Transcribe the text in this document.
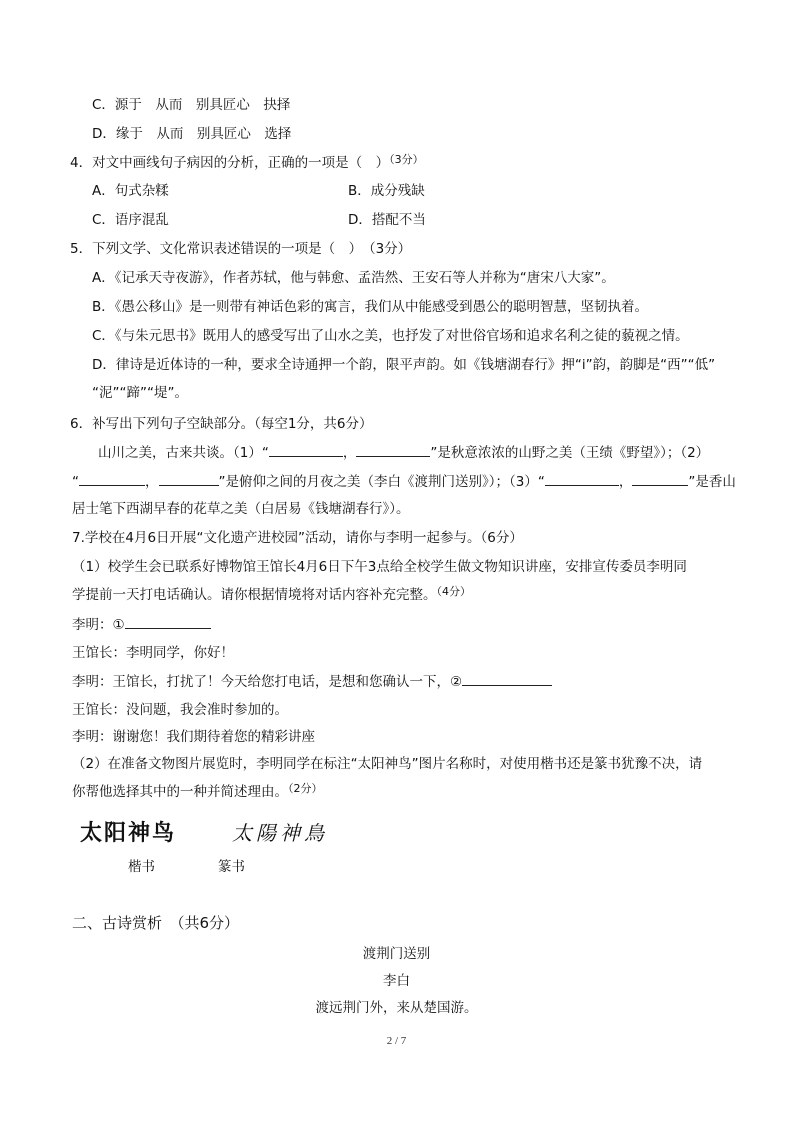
C．源于　从而　别具匠心　抉择
D．缘于　从而　别具匠心　选择
4．对文中画线句子病因的分析，正确的一项是（　）$^{(3分)}$
A．句式杂糅	B．成分残缺
C．语序混乱	D．搭配不当
5．下列文学、文化常识表述错误的一项是（　）　（3分）
A．《记承天寺夜游》，作者苏轼，他与韩愈、孟浩然、王安石等人并称为“唐宋八大家”。
B．《愚公移山》是一则带有神话色彩的寓言，我们从中能感受到愚公的聪明智慧，坚韧执着。
C．《与朱元思书》既用人的感受写出了山水之美，也抒发了对世俗官场和追求名利之徒的藐视之情。
D．律诗是近体诗的一种，要求全诗通押一个韵，限平声韵。如《钱塘湖春行》押“i”韵，韵脚是“西”“低”
“泥”“蹄”“堤”。
6．补写出下列句子空缺部分。（每空1分，共6分）
山川之美，古来共谈。（1）“	，	”是秋意浓浓的山野之美（王绩《野望》）；（2）
“	，	”是俯仰之间的月夜之美（李白《渡荆门送别》）；（3）“	，	”是香山
居士笔下西湖早春的花草之美（白居易《钱塘湖春行》）。
7.学校在4月6日开展“文化遗产进校园”活动，请你与李明一起参与。（6分）
（1）校学生会已联系好博物馆王馆长4月6日下午3点给全校学生做文物知识讲座，安排宣传委员李明同
学提前一天打电话确认。请你根据情境将对话内容补充完整。$^{(4分)}$
李明：①
王馆长：李明同学，你好！
李明：王馆长，打扰了！今天给您打电话，是想和您确认一下，②
王馆长：没问题，我会准时参加的。
李明：谢谢您！我们期待着您的精彩讲座
（2）在准备文物图片展览时，李明同学在标注“太阳神鸟”图片名称时，对使用楷书还是篆书犹豫不决，请
你帮他选择其中的一种并简述理由。$^{(2分)}$
太阳神鸟	太陽神鳥
楷书	篆书
二、古诗赏析　（共6分）
渡荆门送别
李白
渡远荆门外，来从楚国游。
2 / 7
